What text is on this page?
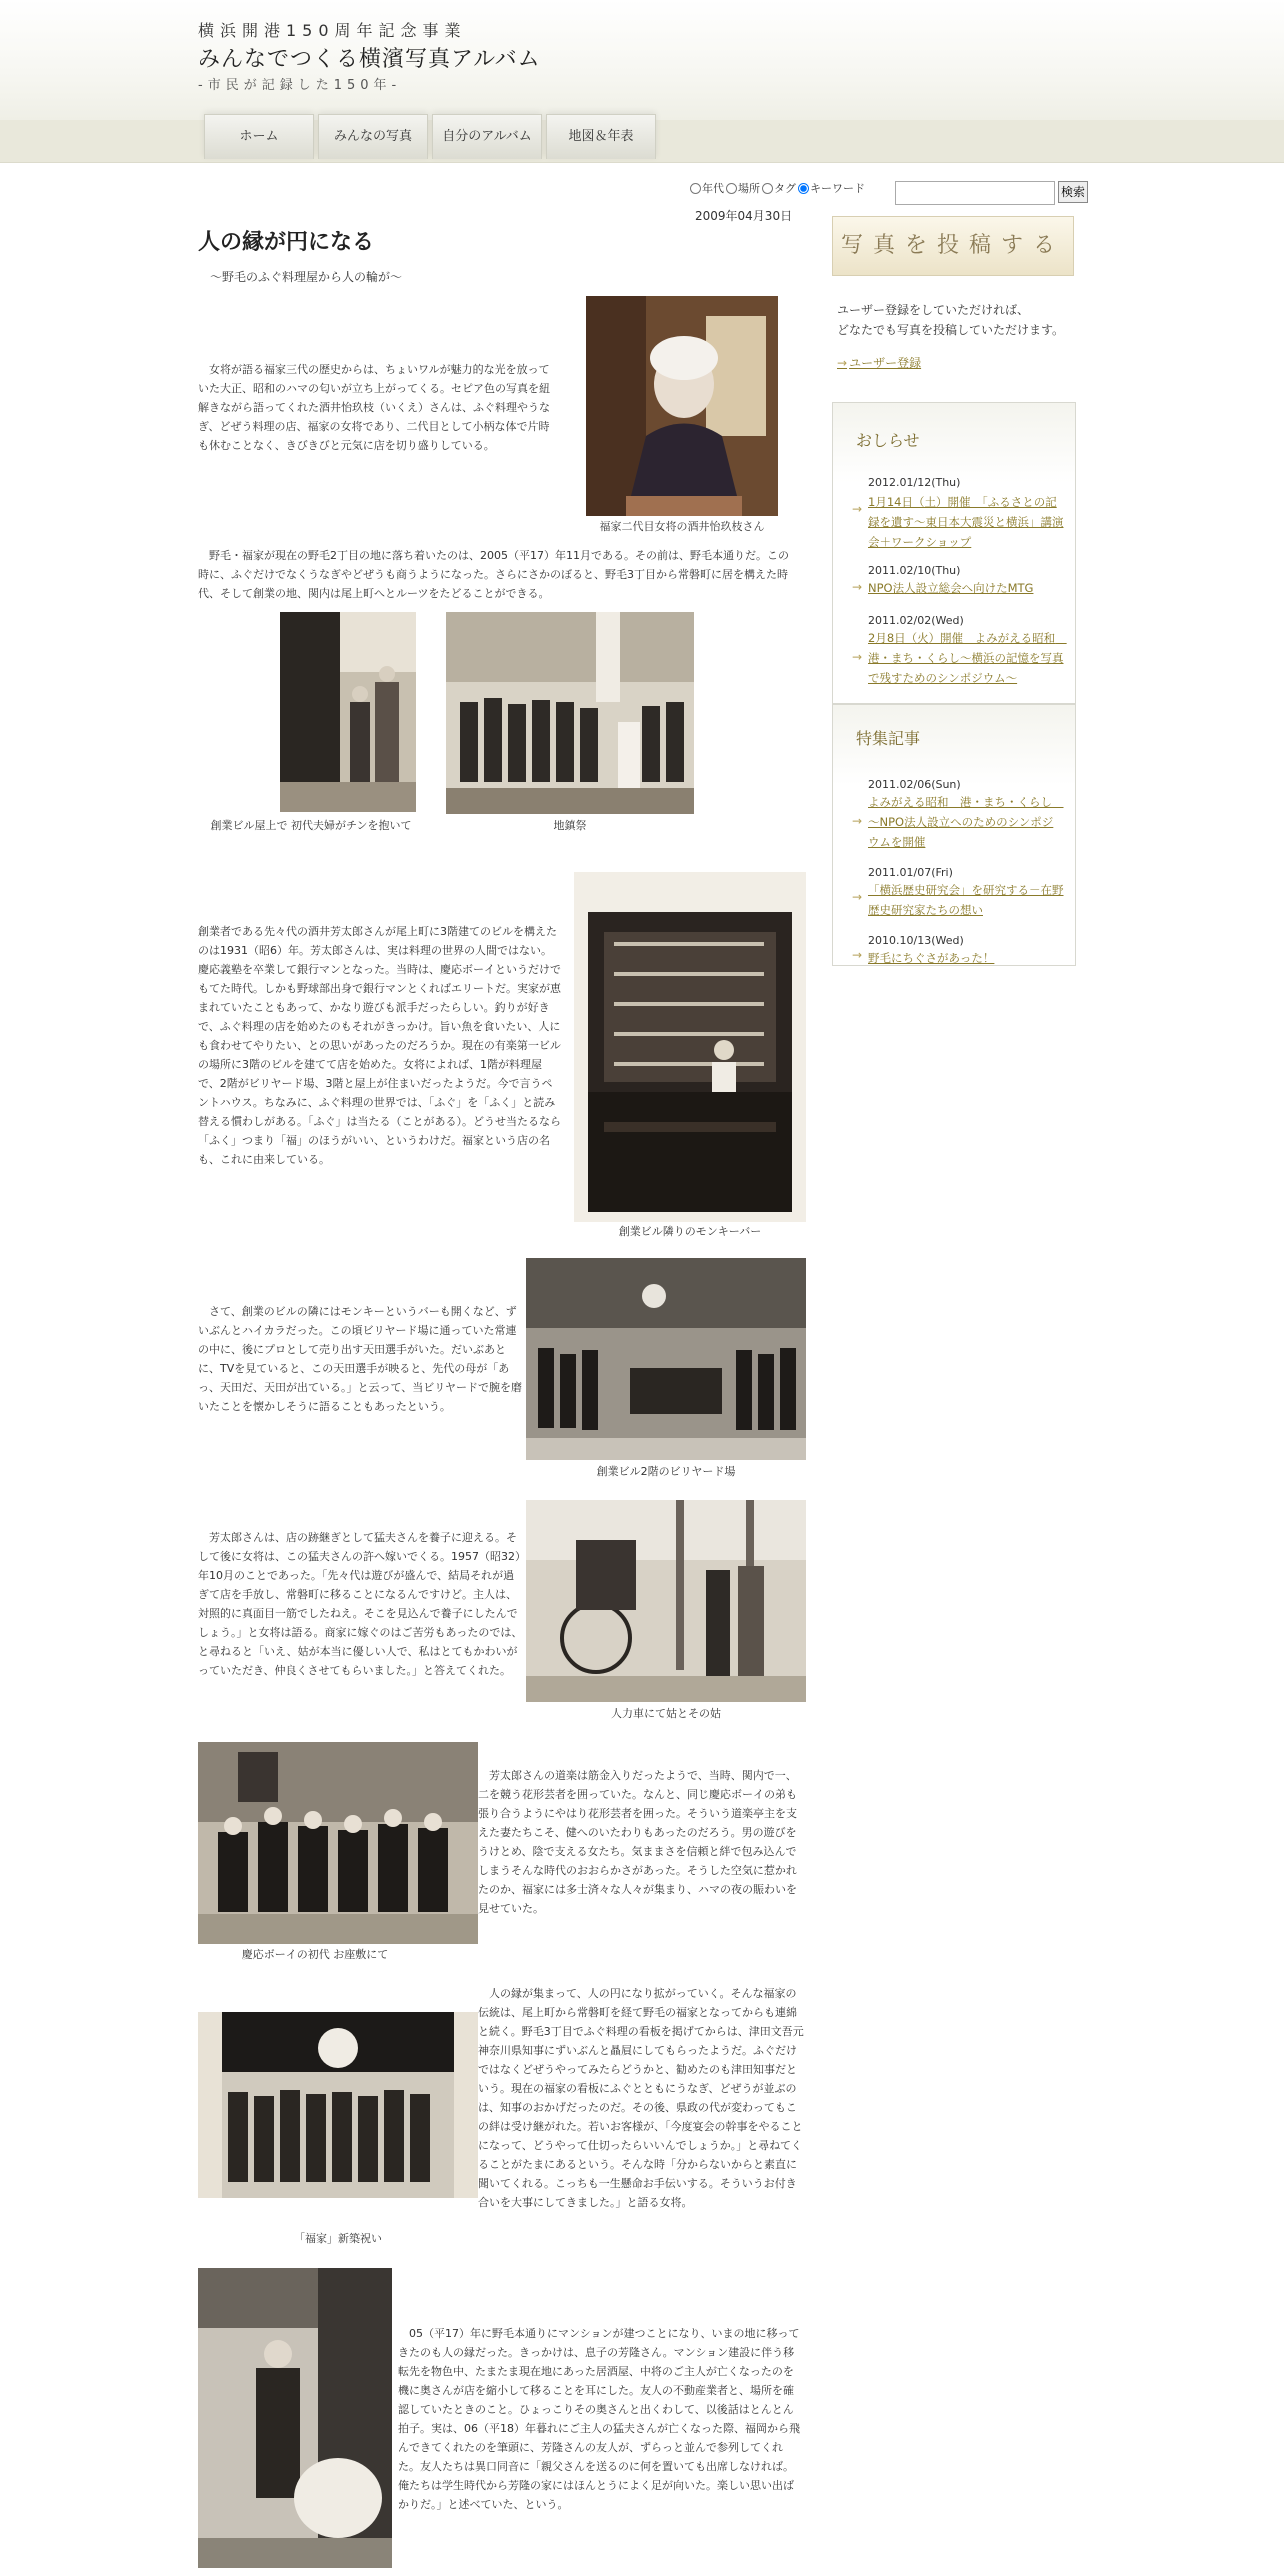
横浜開港150周年記念事業
みんなでつくる横濱写真アルバム
-市民が記録した150年-
ホーム	みんなの写真	自分のアルバム	地図＆年表
年代 場所 タグ キーワード	検索
2009年04月30日
人の縁が円になる
～野毛のふぐ料理屋から人の輪が～
福家二代目女将の酒井怡玖枝さん
女将が語る福家三代の歴史からは、ちょいワルが魅力的な光を放っていた大正、昭和のハマの匂いが立ち上がってくる。セピア色の写真を紐解きながら語ってくれた酒井怡玖枝（いくえ）さんは、ふぐ料理やうなぎ、どぜう料理の店、福家の女将であり、二代目として小柄な体で片時も休むことなく、きびきびと元気に店を切り盛りしている。
野毛・福家が現在の野毛2丁目の地に落ち着いたのは、2005（平17）年11月である。その前は、野毛本通りだ。この時に、ふぐだけでなくうなぎやどぜうも商うようになった。さらにさかのぼると、野毛3丁目から常磐町に居を構えた時代、そして創業の地、関内は尾上町へとルーツをたどることができる。
創業ビル屋上で 初代夫婦がチンを抱いて	地鎮祭
創業者である先々代の酒井芳太郎さんが尾上町に3階建てのビルを構えたのは1931（昭6）年。芳太郎さんは、実は料理の世界の人間ではない。慶応義塾を卒業して銀行マンとなった。当時は、慶応ボーイというだけでもてた時代。しかも野球部出身で銀行マンとくればエリートだ。実家が恵まれていたこともあって、かなり遊びも派手だったらしい。釣りが好きで、ふぐ料理の店を始めたのもそれがきっかけ。旨い魚を食いたい、人にも食わせてやりたい、との思いがあったのだろうか。現在の有楽第一ビルの場所に3階のビルを建てて店を始めた。女将によれば、1階が料理屋で、2階がビリヤード場、3階と屋上が住まいだったようだ。今で言うペントハウス。ちなみに、ふぐ料理の世界では、「ふぐ」を「ふく」と読み替える慣わしがある。「ふぐ」は当たる（ことがある）。どうせ当たるなら「ふく」つまり「福」のほうがいい、というわけだ。福家という店の名も、これに由来している。
創業ビル隣りのモンキーバー
さて、創業のビルの隣にはモンキーというバーも開くなど、ずいぶんとハイカラだった。この頃ビリヤード場に通っていた常連の中に、後にプロとして売り出す天田選手がいた。だいぶあとに、TVを見ていると、この天田選手が映ると、先代の母が「あっ、天田だ、天田が出ている。」と云って、当ビリヤードで腕を磨いたことを懐かしそうに語ることもあったという。
創業ビル2階のビリヤード場
芳太郎さんは、店の跡継ぎとして猛夫さんを養子に迎える。そして後に女将は、この猛夫さんの許へ嫁いでくる。1957（昭32）年10月のことであった。「先々代は遊びが盛んで、結局それが過ぎて店を手放し、常磐町に移ることになるんですけど。主人は、対照的に真面目一筋でしたねえ。そこを見込んで養子にしたんでしょう。」と女将は語る。商家に嫁ぐのはご苦労もあったのでは、と尋ねると「いえ、姑が本当に優しい人で、私はとてもかわいがっていただき、仲良くさせてもらいました。」と答えてくれた。
人力車にて姑とその姑
慶応ボーイの初代 お座敷にて
芳太郎さんの道楽は筋金入りだったようで、当時、関内で一、二を競う花形芸者を囲っていた。なんと、同じ慶応ボーイの弟も張り合うようにやはり花形芸者を囲った。そういう道楽亭主を支えた妻たちこそ、健へのいたわりもあったのだろう。男の遊びをうけとめ、陰で支える女たち。気ままさを信頼と絆で包み込んでしまうそんな時代のおおらかさがあった。そうした空気に惹かれたのか、福家には多士済々な人々が集まり、ハマの夜の賑わいを見せていた。
「福家」新築祝い
人の縁が集まって、人の円になり拡がっていく。そんな福家の伝統は、尾上町から常磐町を経て野毛の福家となってからも連綿と続く。野毛3丁目でふぐ料理の看板を掲げてからは、津田文吾元神奈川県知事にずいぶんと贔屓にしてもらったようだ。ふぐだけではなくどぜうやってみたらどうかと、勧めたのも津田知事だという。現在の福家の看板にふぐとともにうなぎ、どぜうが並ぶのは、知事のおかげだったのだ。その後、県政の代が変わってもこの絆は受け継がれた。若いお客様が、「今度宴会の幹事をやることになって、どうやって仕切ったらいいんでしょうか。」と尋ねてくることがたまにあるという。そんな時「分からないからと素直に聞いてくれる。こっちも一生懸命お手伝いする。そういうお付き合いを大事にしてきました。」と語る女将。
05（平17）年に野毛本通りにマンションが建つことになり、いまの地に移ってきたのも人の縁だった。きっかけは、息子の芳隆さん。マンション建設に伴う移転先を物色中、たまたま現在地にあった居酒屋、中将のご主人が亡くなったのを機に奥さんが店を縮小して移ることを耳にした。友人の不動産業者と、場所を確認していたときのこと。ひょっこりその奥さんと出くわして、以後話はとんとん拍子。実は、06（平18）年暮れにご主人の猛夫さんが亡くなった際、福岡から飛んできてくれたのを筆頭に、芳隆さんの友人が、ずらっと並んで参列してくれた。友人たちは異口同音に「親父さんを送るのに何を置いても出席しなければ。俺たちは学生時代から芳隆の家にはほんとうによく足が向いた。楽しい思い出ばかりだ。」と述べていた、という。
写真を投稿する
ユーザー登録をしていただければ、
どなたでも写真を投稿していただけます。
→ ユーザー登録
おしらせ
2012.01/12(Thu)
→ 1月14日（土）開催　「ふるさとの記録を遺す～東日本大震災と横浜」講演会＋ワークショップ
2011.02/10(Thu)
→ NPO法人設立総会へ向けたMTG
2011.02/02(Wed)
→
2月8日（火）開催　よみがえる昭和　港・まち・くらし～横浜の記憶を写真で残すためのシンポジウム～
特集記事
2011.02/06(Sun)
→
よみがえる昭和　港・まち・くらし　～NPO法人設立へのためのシンポジウムを開催
2011.01/07(Fri)
→ 「横浜歴史研究会」を研究する－在野歴史研究家たちの想い
2010.10/13(Wed)
→ 野毛にちぐさがあった！
